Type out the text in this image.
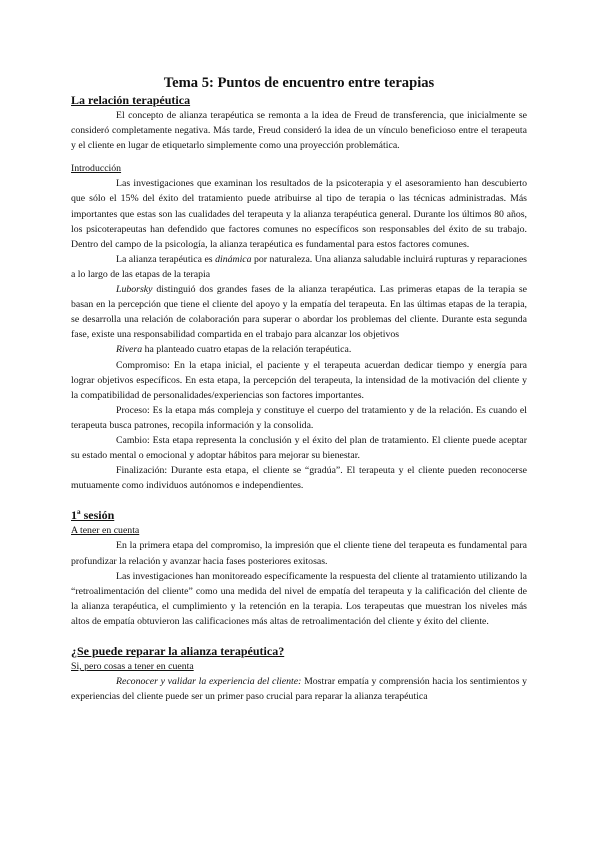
Tema 5: Puntos de encuentro entre terapias
La relación terapéutica

El concepto de alianza terapéutica se remonta a la idea de Freud de transferencia, que inicialmente se consideró completamente negativa. Más tarde, Freud consideró la idea de un vínculo beneficioso entre el terapeuta y el cliente en lugar de etiquetarlo simplemente como una proyección problemática.

Introducción

Las investigaciones que examinan los resultados de la psicoterapia y el asesoramiento han descubierto que sólo el 15% del éxito del tratamiento puede atribuirse al tipo de terapia o las técnicas administradas. Más importantes que estas son las cualidades del terapeuta y la alianza terapéutica general. Durante los últimos 80 años, los psicoterapeutas han defendido que factores comunes no específicos son responsables del éxito de su trabajo. Dentro del campo de la psicología, la alianza terapéutica es fundamental para estos factores comunes.

La alianza terapéutica es dinámica por naturaleza. Una alianza saludable incluirá rupturas y reparaciones a lo largo de las etapas de la terapia

Luborsky distinguió dos grandes fases de la alianza terapéutica. Las primeras etapas de la terapia se basan en la percepción que tiene el cliente del apoyo y la empatía del terapeuta. En las últimas etapas de la terapia, se desarrolla una relación de colaboración para superar o abordar los problemas del cliente. Durante esta segunda fase, existe una responsabilidad compartida en el trabajo para alcanzar los objetivos

Rivera ha planteado cuatro etapas de la relación terapéutica.

Compromiso: En la etapa inicial, el paciente y el terapeuta acuerdan dedicar tiempo y energía para lograr objetivos específicos. En esta etapa, la percepción del terapeuta, la intensidad de la motivación del cliente y la compatibilidad de personalidades/experiencias son factores importantes.

Proceso: Es la etapa más compleja y constituye el cuerpo del tratamiento y de la relación. Es cuando el terapeuta busca patrones, recopila información y la consolida.

Cambio: Esta etapa representa la conclusión y el éxito del plan de tratamiento. El cliente puede aceptar su estado mental o emocional y adoptar hábitos para mejorar su bienestar.

Finalización: Durante esta etapa, el cliente se “gradúa”. El terapeuta y el cliente pueden reconocerse mutuamente como individuos autónomos e independientes.

1ª sesión
A tener en cuenta

En la primera etapa del compromiso, la impresión que el cliente tiene del terapeuta es fundamental para profundizar la relación y avanzar hacia fases posteriores exitosas.

Las investigaciones han monitoreado específicamente la respuesta del cliente al tratamiento utilizando la “retroalimentación del cliente” como una medida del nivel de empatía del terapeuta y la calificación del cliente de la alianza terapéutica, el cumplimiento y la retención en la terapia. Los terapeutas que muestran los niveles más altos de empatía obtuvieron las calificaciones más altas de retroalimentación del cliente y éxito del cliente.

¿Se puede reparar la alianza terapéutica?
Si, pero cosas a tener en cuenta

Reconocer y validar la experiencia del cliente: Mostrar empatía y comprensión hacia los sentimientos y experiencias del cliente puede ser un primer paso crucial para reparar la alianza terapéutica
